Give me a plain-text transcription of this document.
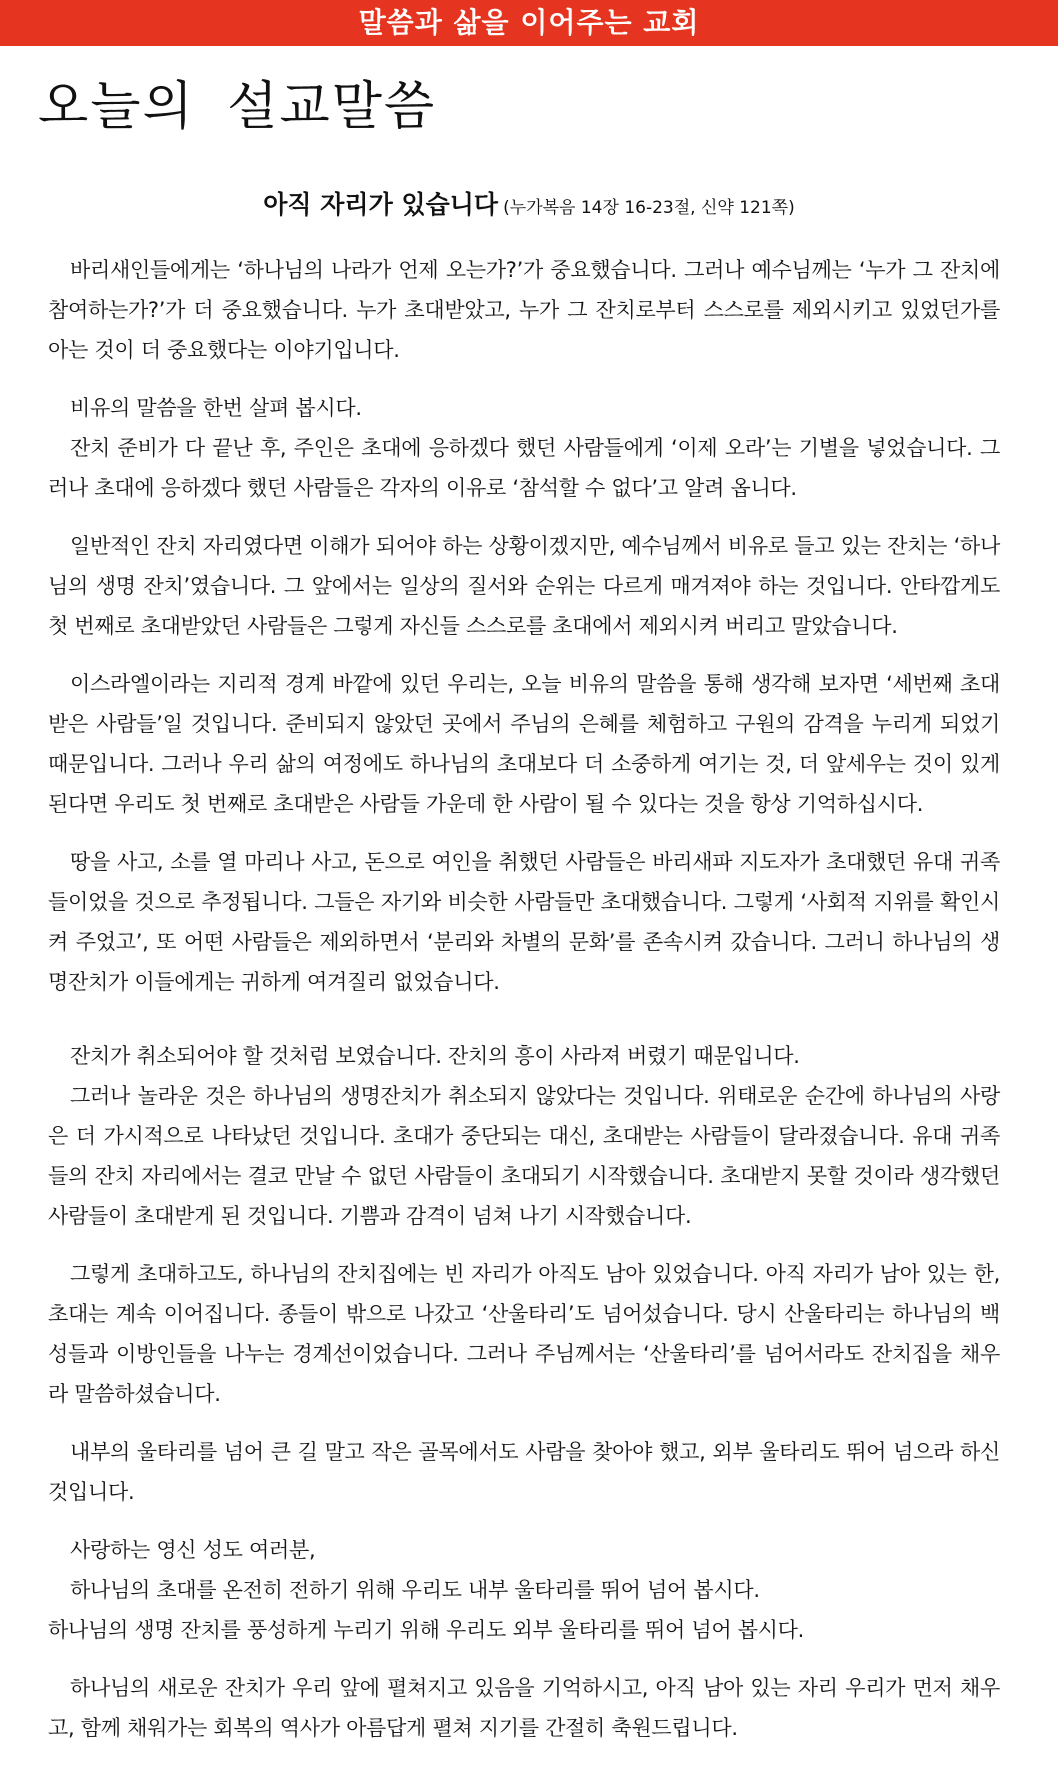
말씀과 삶을 이어주는 교회
오늘의 설교말씀
아직 자리가 있습니다 (누가복음 14장 16-23절, 신약 121쪽)

바리새인들에게는 ‘하나님의 나라가 언제 오는가?’가 중요했습니다. 그러나 예수님께는 ‘누가 그 잔치에 참여하는가?’가 더 중요했습니다. 누가 초대받았고, 누가 그 잔치로부터 스스로를 제외시키고 있었던가를 아는 것이 더 중요했다는 이야기입니다.

비유의 말씀을 한번 살펴 봅시다.

잔치 준비가 다 끝난 후, 주인은 초대에 응하겠다 했던 사람들에게 ‘이제 오라’는 기별을 넣었습니다. 그러나 초대에 응하겠다 했던 사람들은 각자의 이유로 ‘참석할 수 없다’고 알려 옵니다.

일반적인 잔치 자리였다면 이해가 되어야 하는 상황이겠지만, 예수님께서 비유로 들고 있는 잔치는 ‘하나님의 생명 잔치’였습니다. 그 앞에서는 일상의 질서와 순위는 다르게 매겨져야 하는 것입니다. 안타깝게도 첫 번째로 초대받았던 사람들은 그렇게 자신들 스스로를 초대에서 제외시켜 버리고 말았습니다.

이스라엘이라는 지리적 경계 바깥에 있던 우리는, 오늘 비유의 말씀을 통해 생각해 보자면 ‘세번째 초대받은 사람들’일 것입니다. 준비되지 않았던 곳에서 주님의 은혜를 체험하고 구원의 감격을 누리게 되었기 때문입니다. 그러나 우리 삶의 여정에도 하나님의 초대보다 더 소중하게 여기는 것, 더 앞세우는 것이 있게 된다면 우리도 첫 번째로 초대받은 사람들 가운데 한 사람이 될 수 있다는 것을 항상 기억하십시다.

땅을 사고, 소를 열 마리나 사고, 돈으로 여인을 취했던 사람들은 바리새파 지도자가 초대했던 유대 귀족들이었을 것으로 추정됩니다. 그들은 자기와 비슷한 사람들만 초대했습니다. 그렇게 ‘사회적 지위를 확인시켜 주었고’, 또 어떤 사람들은 제외하면서 ‘분리와 차별의 문화’를 존속시켜 갔습니다. 그러니 하나님의 생명잔치가 이들에게는 귀하게 여겨질리 없었습니다.

잔치가 취소되어야 할 것처럼 보였습니다. 잔치의 흥이 사라져 버렸기 때문입니다.

그러나 놀라운 것은 하나님의 생명잔치가 취소되지 않았다는 것입니다. 위태로운 순간에 하나님의 사랑은 더 가시적으로 나타났던 것입니다. 초대가 중단되는 대신, 초대받는 사람들이 달라졌습니다. 유대 귀족들의 잔치 자리에서는 결코 만날 수 없던 사람들이 초대되기 시작했습니다. 초대받지 못할 것이라 생각했던 사람들이 초대받게 된 것입니다. 기쁨과 감격이 넘쳐 나기 시작했습니다.

그렇게 초대하고도, 하나님의 잔치집에는 빈 자리가 아직도 남아 있었습니다. 아직 자리가 남아 있는 한, 초대는 계속 이어집니다. 종들이 밖으로 나갔고 ‘산울타리’도 넘어섰습니다. 당시 산울타리는 하나님의 백성들과 이방인들을 나누는 경계선이었습니다. 그러나 주님께서는 ‘산울타리’를 넘어서라도 잔치집을 채우라 말씀하셨습니다.

내부의 울타리를 넘어 큰 길 말고 작은 골목에서도 사람을 찾아야 했고, 외부 울타리도 뛰어 넘으라 하신 것입니다.

사랑하는 영신 성도 여러분,

하나님의 초대를 온전히 전하기 위해 우리도 내부 울타리를 뛰어 넘어 봅시다.

하나님의 생명 잔치를 풍성하게 누리기 위해 우리도 외부 울타리를 뛰어 넘어 봅시다.

하나님의 새로운 잔치가 우리 앞에 펼쳐지고 있음을 기억하시고, 아직 남아 있는 자리 우리가 먼저 채우고, 함께 채워가는 회복의 역사가 아름답게 펼쳐 지기를 간절히 축원드립니다.
